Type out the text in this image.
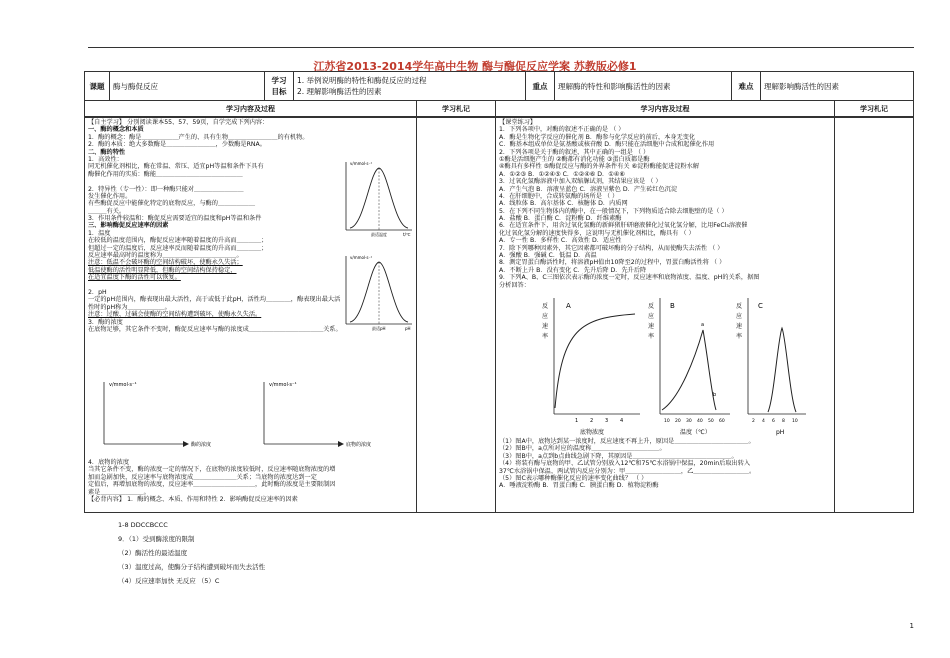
江苏省2013-2014学年高中生物 酶与酶促反应学案 苏教版必修1
课题	酶与酶促反应	学习目标	
1. 举例说明酶的特性和酶促反应的过程
2. 理解影响酶活性的因素
	重点	理解酶的特性和影响酶活性的因素	难点	理解影响酶活性的因素
学习内容及过程	学习札记	学习内容及过程	学习札记
【自主学习】 分别阅读课本55、57、59页，自学完成下列内容：
一、酶的概念和本质
1．酶的概念：酶是＿＿＿＿＿＿产生的、具有生物＿＿＿＿＿＿＿＿的有机物。
2．酶的本质：绝大多数酶是＿＿＿＿＿＿＿＿，少数酶是RNA。
二、酶的特性
1．高效性：
同无机催化剂相比，酶在常温、常压、适宜pH等温和条件下具有
酶催化作用的实质：酶能＿＿＿＿＿＿＿＿＿＿＿＿＿＿
2．特异性（专一性）：即一种酶只能对＿＿＿＿＿＿＿＿
发生催化作用。
有些酶促反应中能催化特定的底物反应，与酶的＿＿＿＿＿＿
＿＿＿有关。
3．作用条件较温和：酶促反应需要适宜的温度和pH等温和条件
三、影响酶促反应速率的因素
1．温度
在较低的温度范围内，酶促反应速率随着温度的升高而＿＿＿＿；
但超过一定的温度后，反应速率反而随着温度的升高而＿＿＿＿；
反应速率最高时的温度称为＿＿＿＿＿＿＿＿＿＿＿＿。
注意：低温不会破坏酶的空间结构破坏，使酶永久失活；
低温使酶的活性明显降低，但酶的空间结构保持稳定，
在适宜温度下酶的活性可以恢复。
2．pH
一定的pH范围内，酶表现出最大活性，高于或低于此pH，活性均＿＿＿＿，酶表现出最大活
性时的pH称为＿＿＿＿＿＿。
注意：过酸、过碱会使酶的空间结构遭到破坏，使酶永久失活。
3．酶的浓度
在底物足够，其它条件不变时，酶促反应速率与酶的浓度成＿＿＿＿＿＿＿＿＿＿＿＿关系。
4．底物的浓度
当其它条件不变，酶的浓度一定的情况下，在底物的浓度较低时，反应速率随底物浓度的增
加而急剧加快，反应速率与底物浓度成＿＿＿＿＿＿＿关系；当底物的浓度达到一定
定值后，再增加底物的浓度，反应速率＿＿＿＿＿＿＿＿＿＿，此时酶的浓度是主要限制因
素是＿＿＿＿＿＿＿。
【必背内容】 1．酶的概念、本质、作用和特性 2．影响酶促反应速率的因素
v/mmol·s⁻¹
t/℃
最适温度
v/mmol·s⁻¹
pH
最适pH
v/mmol·s⁻¹
酶的浓度
v/mmol·s⁻¹
底物的浓度
【课堂练习】
1．下列各项中，对酶的叙述不正确的是 （ ）
A．酶是生物化学反应的催化剂 B．酶参与化学反应的前后，本身无变化
C．酶基本组成单位是氨基酸或核苷酸 D．酶只能在活细胞中合成和起催化作用
2．下列各项是关于酶的叙述，其中正确的一组是 （ ）
①酶是活细胞产生的 ②酶都有消化功能 ③蛋白质都是酶
④酶具有多样性 ⑤酶促反应与酶的外界条件有关 ⑥淀粉酶能促进淀粉水解
A．①②③ B．①②④⑤ C．①②④⑥ D．①④⑥
3．过氧化氢酶溶液中加入双缩脲试剂，其结果应该是 （ ）
A．产生气泡 B．溶液呈蓝色 C．溶液呈紫色 D．产生砖红色沉淀
4．在肝细胞中，合成转氨酶的场所是 （ ）
A．线粒体 B．高尔基体 C．核糖体 D．内质网
5．在下列不同生物体内的酶中，在一般情况下，下列物质适合除去细胞壁的是（ ）
A．盐酸 B．蛋白酶 C．淀粉酶 D．纤维素酶
6．在适宜条件下，用含过氧化氢酶的新鲜猪肝研磨液催化过氧化氢分解，比用FeCl₃溶液催
化过氧化氢分解的速度快得多，这说明与无机催化剂相比，酶具有 （ ）
A．专一性 B．多样性 C．高效性 D．适应性
7．除下列哪种因素外，其它因素都可破坏酶的分子结构，从而使酶失去活性 （ ）
A．强酸 B．强碱 C．低温 D．高温
8．测定胃蛋白酶活性时，将溶液pH值由10降至2的过程中，胃蛋白酶活性将 （ ）
A．不断上升 B．没有变化 C．先升后降 D．先升后降
9．下列A、B、C三图依次表示酶的浓度一定时，反应速率和底物浓度、温度、pH的关系，据图
分析回答：
反
应
速
率
A
1 2 3 4
底物浓度
反
应
速
率
B
a
b
10 20 30 40 50 60
温度（℃）
反
应
速
率
C
2 4 6 8 10
pH
（1）图A中，底物达到某一浓度时，反应速度不再上升，原因是＿＿＿＿＿＿＿＿＿＿＿＿。
（2）图B中，a点所对应的温度称＿＿＿＿＿＿＿＿＿＿＿。
（3）图B中，a点到b点曲线急剧下降，其原因是＿＿＿＿＿＿＿＿＿＿＿＿＿＿＿＿。
（4）将装有酶与底物的甲、乙试管分别放入12℃和75℃水浴锅中保温，20min后取出转入
37℃水浴锅中保温，两试管内反应分别为：甲＿＿＿＿＿＿＿＿＿，乙＿＿＿＿＿＿＿＿＿。
（5）图C表示哪种酶催化反应的速率变化曲线？ （ ）
A．唾液淀粉酶 B．胃蛋白酶 C．胰蛋白酶 D．植物淀粉酶
1-8 DDCCBCCC
9．（1）受到酶浓度的限制
（2）酶活性的最适温度
（3）温度过高，使酶分子结构遭到破坏而失去活性
（4）反应速率加快 无反应 （5）C
1
